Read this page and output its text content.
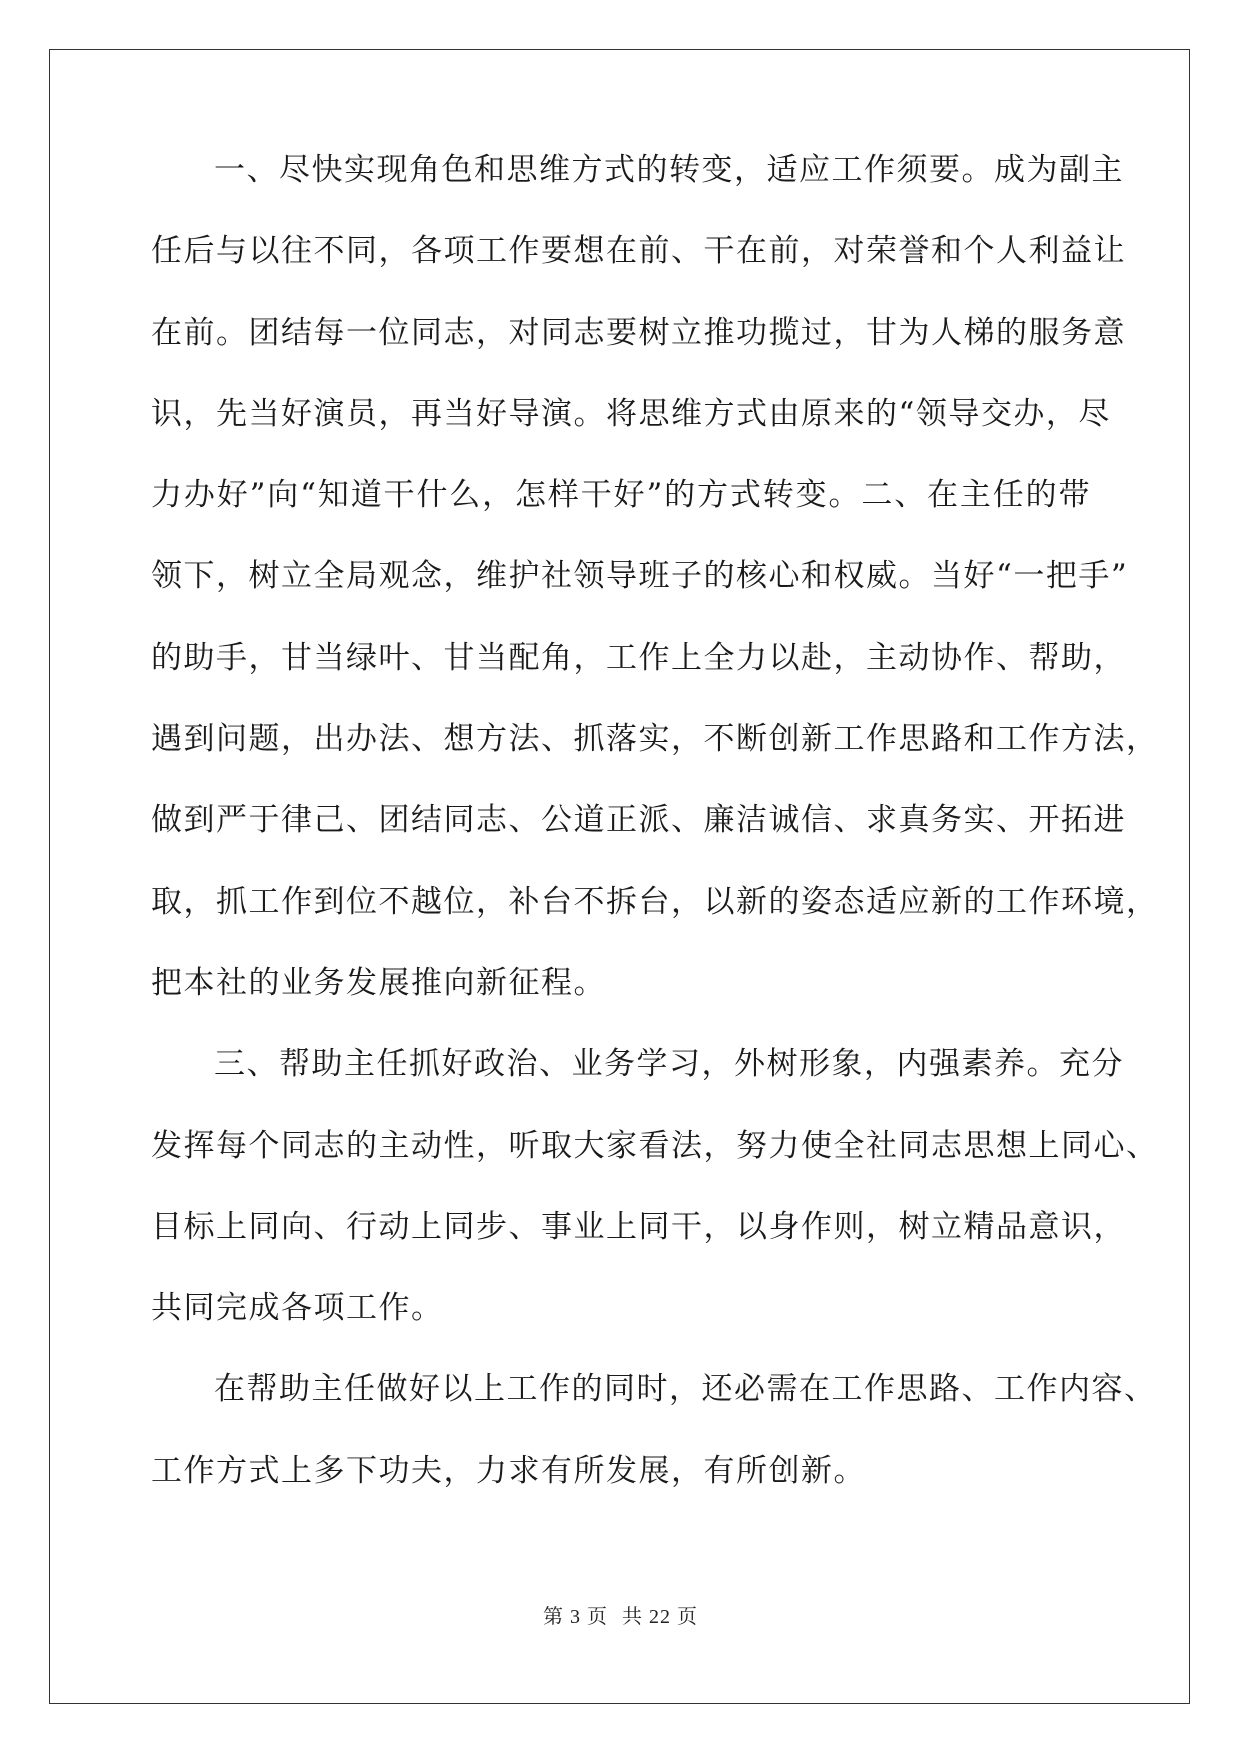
一、尽快实现角色和思维方式的转变，适应工作须要。成为副主
任后与以往不同，各项工作要想在前、干在前，对荣誉和个人利益让
在前。团结每一位同志，对同志要树立推功揽过，甘为人梯的服务意
识，先当好演员，再当好导演。将思维方式由原来的“领导交办，尽
力办好”向“知道干什么，怎样干好”的方式转变。二、在主任的带
领下，树立全局观念，维护社领导班子的核心和权威。当好“一把手”
的助手，甘当绿叶、甘当配角，工作上全力以赴，主动协作、帮助，
遇到问题，出办法、想方法、抓落实，不断创新工作思路和工作方法，
做到严于律己、团结同志、公道正派、廉洁诚信、求真务实、开拓进
取，抓工作到位不越位，补台不拆台，以新的姿态适应新的工作环境，
把本社的业务发展推向新征程。
三、帮助主任抓好政治、业务学习，外树形象，内强素养。充分
发挥每个同志的主动性，听取大家看法，努力使全社同志思想上同心、
目标上同向、行动上同步、事业上同干，以身作则，树立精品意识，
共同完成各项工作。
在帮助主任做好以上工作的同时，还必需在工作思路、工作内容、
工作方式上多下功夫，力求有所发展，有所创新。
第 3 页 共 22 页
